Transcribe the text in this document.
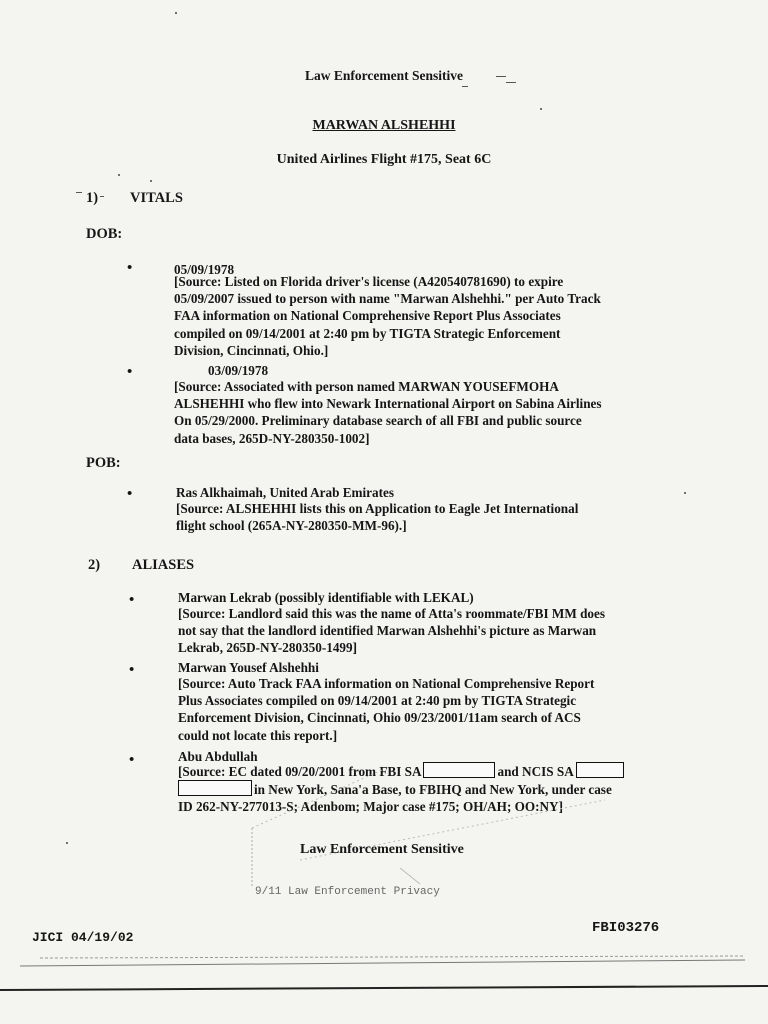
Law Enforcement Sensitive
MARWAN ALSHEHHI
United Airlines Flight #175, Seat 6C
1) VITALS
DOB:
•	05/09/1978
[Source: Listed on Florida driver's license (A420540781690) to expire
05/09/2007 issued to person with name "Marwan Alshehhi." per Auto Track
FAA information on National Comprehensive Report Plus Associates
compiled on 09/14/2001 at 2:40 pm by TIGTA Strategic Enforcement
Division, Cincinnati, Ohio.]
•	03/09/1978
[Source: Associated with person named MARWAN YOUSEFMOHA
ALSHEHHI who flew into Newark International Airport on Sabina Airlines
On 05/29/2000. Preliminary database search of all FBI and public source
data bases, 265D-NY-280350-1002]
POB:
•	Ras Alkhaimah, United Arab Emirates
[Source: ALSHEHHI lists this on Application to Eagle Jet International
flight school (265A-NY-280350-MM-96).]
2) ALIASES
•	Marwan Lekrab (possibly identifiable with LEKAL)
[Source: Landlord said this was the name of Atta's roommate/FBI MM does
not say that the landlord identified Marwan Alshehhi's picture as Marwan
Lekrab, 265D-NY-280350-1499]
•	Marwan Yousef Alshehhi
[Source: Auto Track FAA information on National Comprehensive Report
Plus Associates compiled on 09/14/2001 at 2:40 pm by TIGTA Strategic
Enforcement Division, Cincinnati, Ohio 09/23/2001/11am search of ACS
could not locate this report.]
•	Abu Abdullah
[Source: EC dated 09/20/2001 from FBI SA	and NCIS SA
in New York, Sana'a Base, to FBIHQ and New York, under case
ID 262-NY-277013-S; Adenbom; Major case #175; OH/AH; OO:NY]
Law Enforcement Sensitive
9/11 Law Enforcement Privacy
JICI 04/19/02
FBI03276
